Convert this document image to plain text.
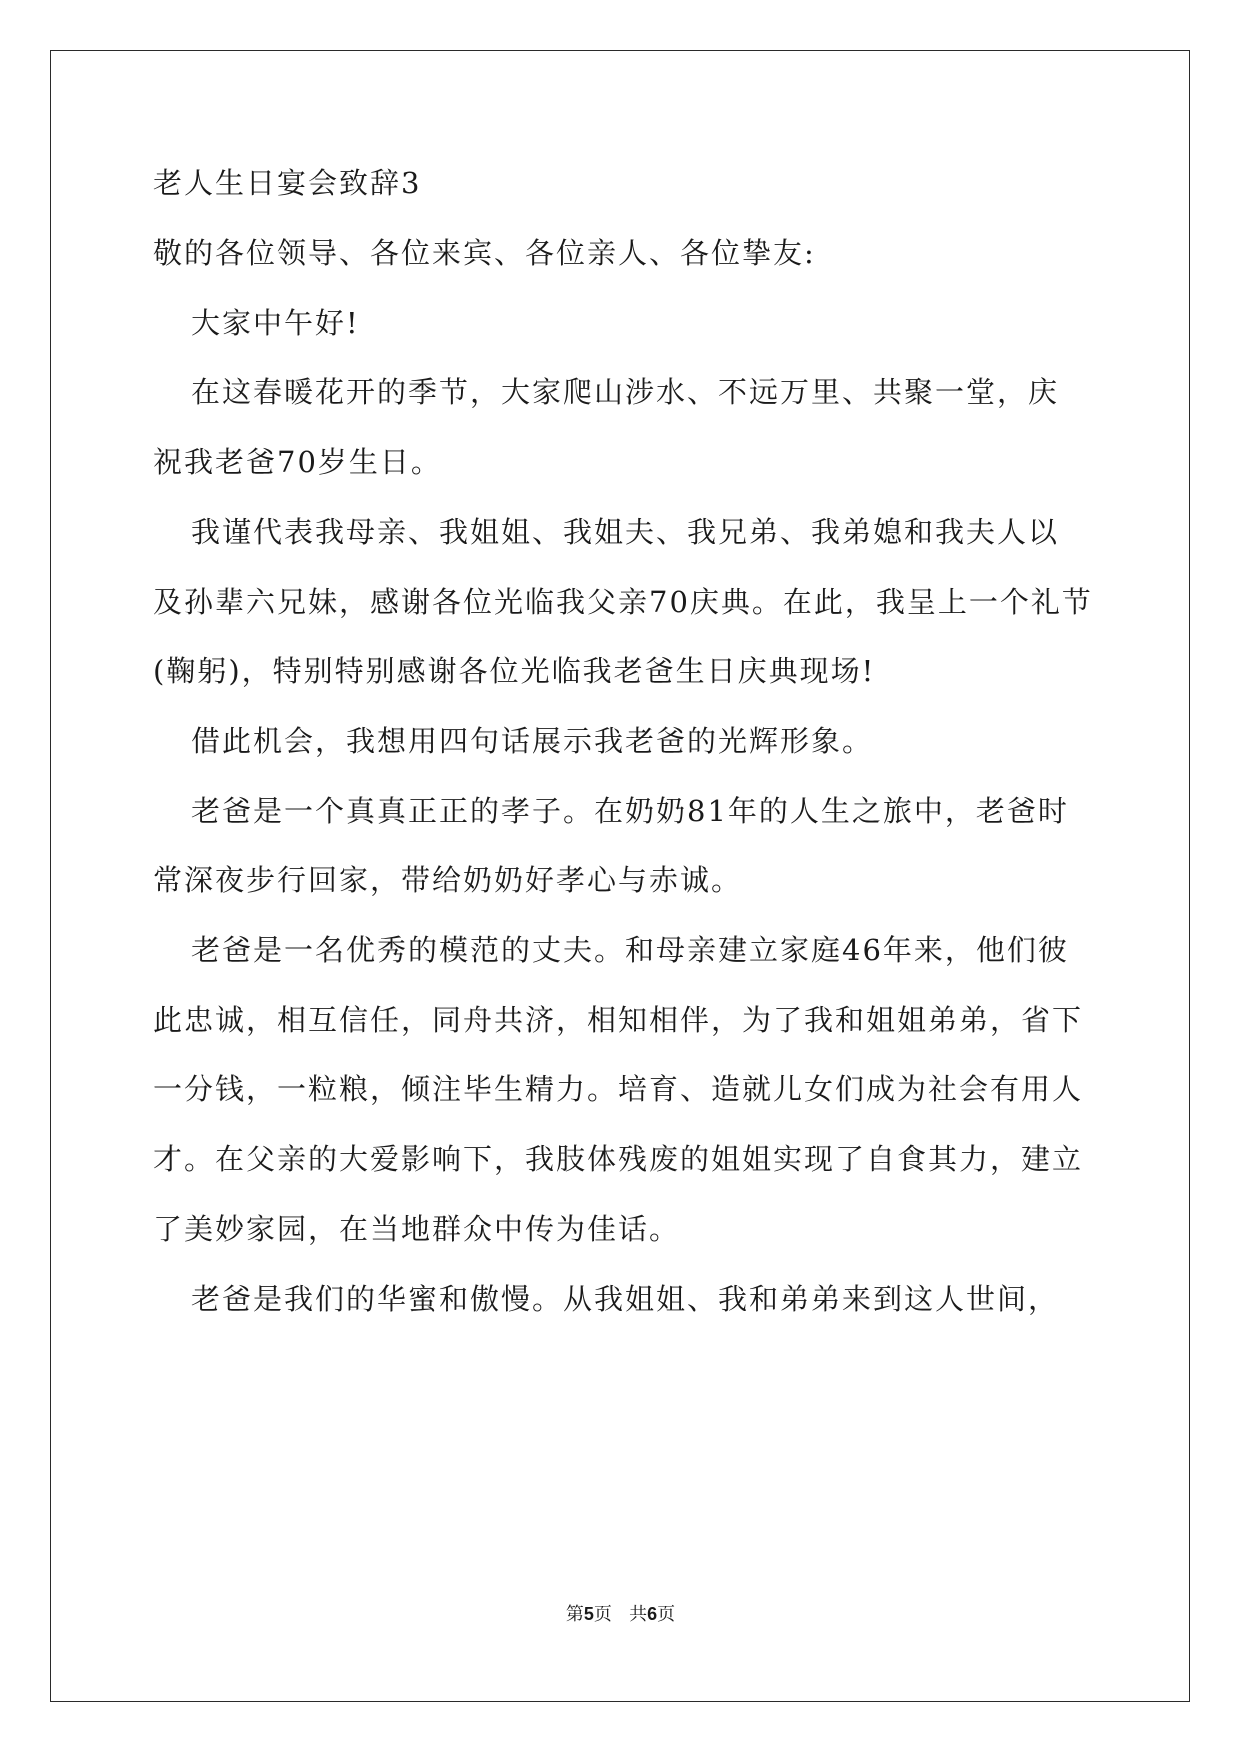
老人生日宴会致辞3
敬的各位领导、各位来宾、各位亲人、各位挚友:
大家中午好!
在这春暖花开的季节，大家爬山涉水、不远万里、共聚一堂，庆
祝我老爸70岁生日。
我谨代表我母亲、我姐姐、我姐夫、我兄弟、我弟媳和我夫人以
及孙辈六兄妹，感谢各位光临我父亲70庆典。在此，我呈上一个礼节
(鞠躬)，特别特别感谢各位光临我老爸生日庆典现场!
借此机会，我想用四句话展示我老爸的光辉形象。
老爸是一个真真正正的孝子。在奶奶81年的人生之旅中，老爸时
常深夜步行回家，带给奶奶好孝心与赤诚。
老爸是一名优秀的模范的丈夫。和母亲建立家庭46年来，他们彼
此忠诚，相互信任，同舟共济，相知相伴，为了我和姐姐弟弟，省下
一分钱，一粒粮，倾注毕生精力。培育、造就儿女们成为社会有用人
才。在父亲的大爱影响下，我肢体残废的姐姐实现了自食其力，建立
了美妙家园，在当地群众中传为佳话。
老爸是我们的华蜜和傲慢。从我姐姐、我和弟弟来到这人世间，
第5页 共6页
